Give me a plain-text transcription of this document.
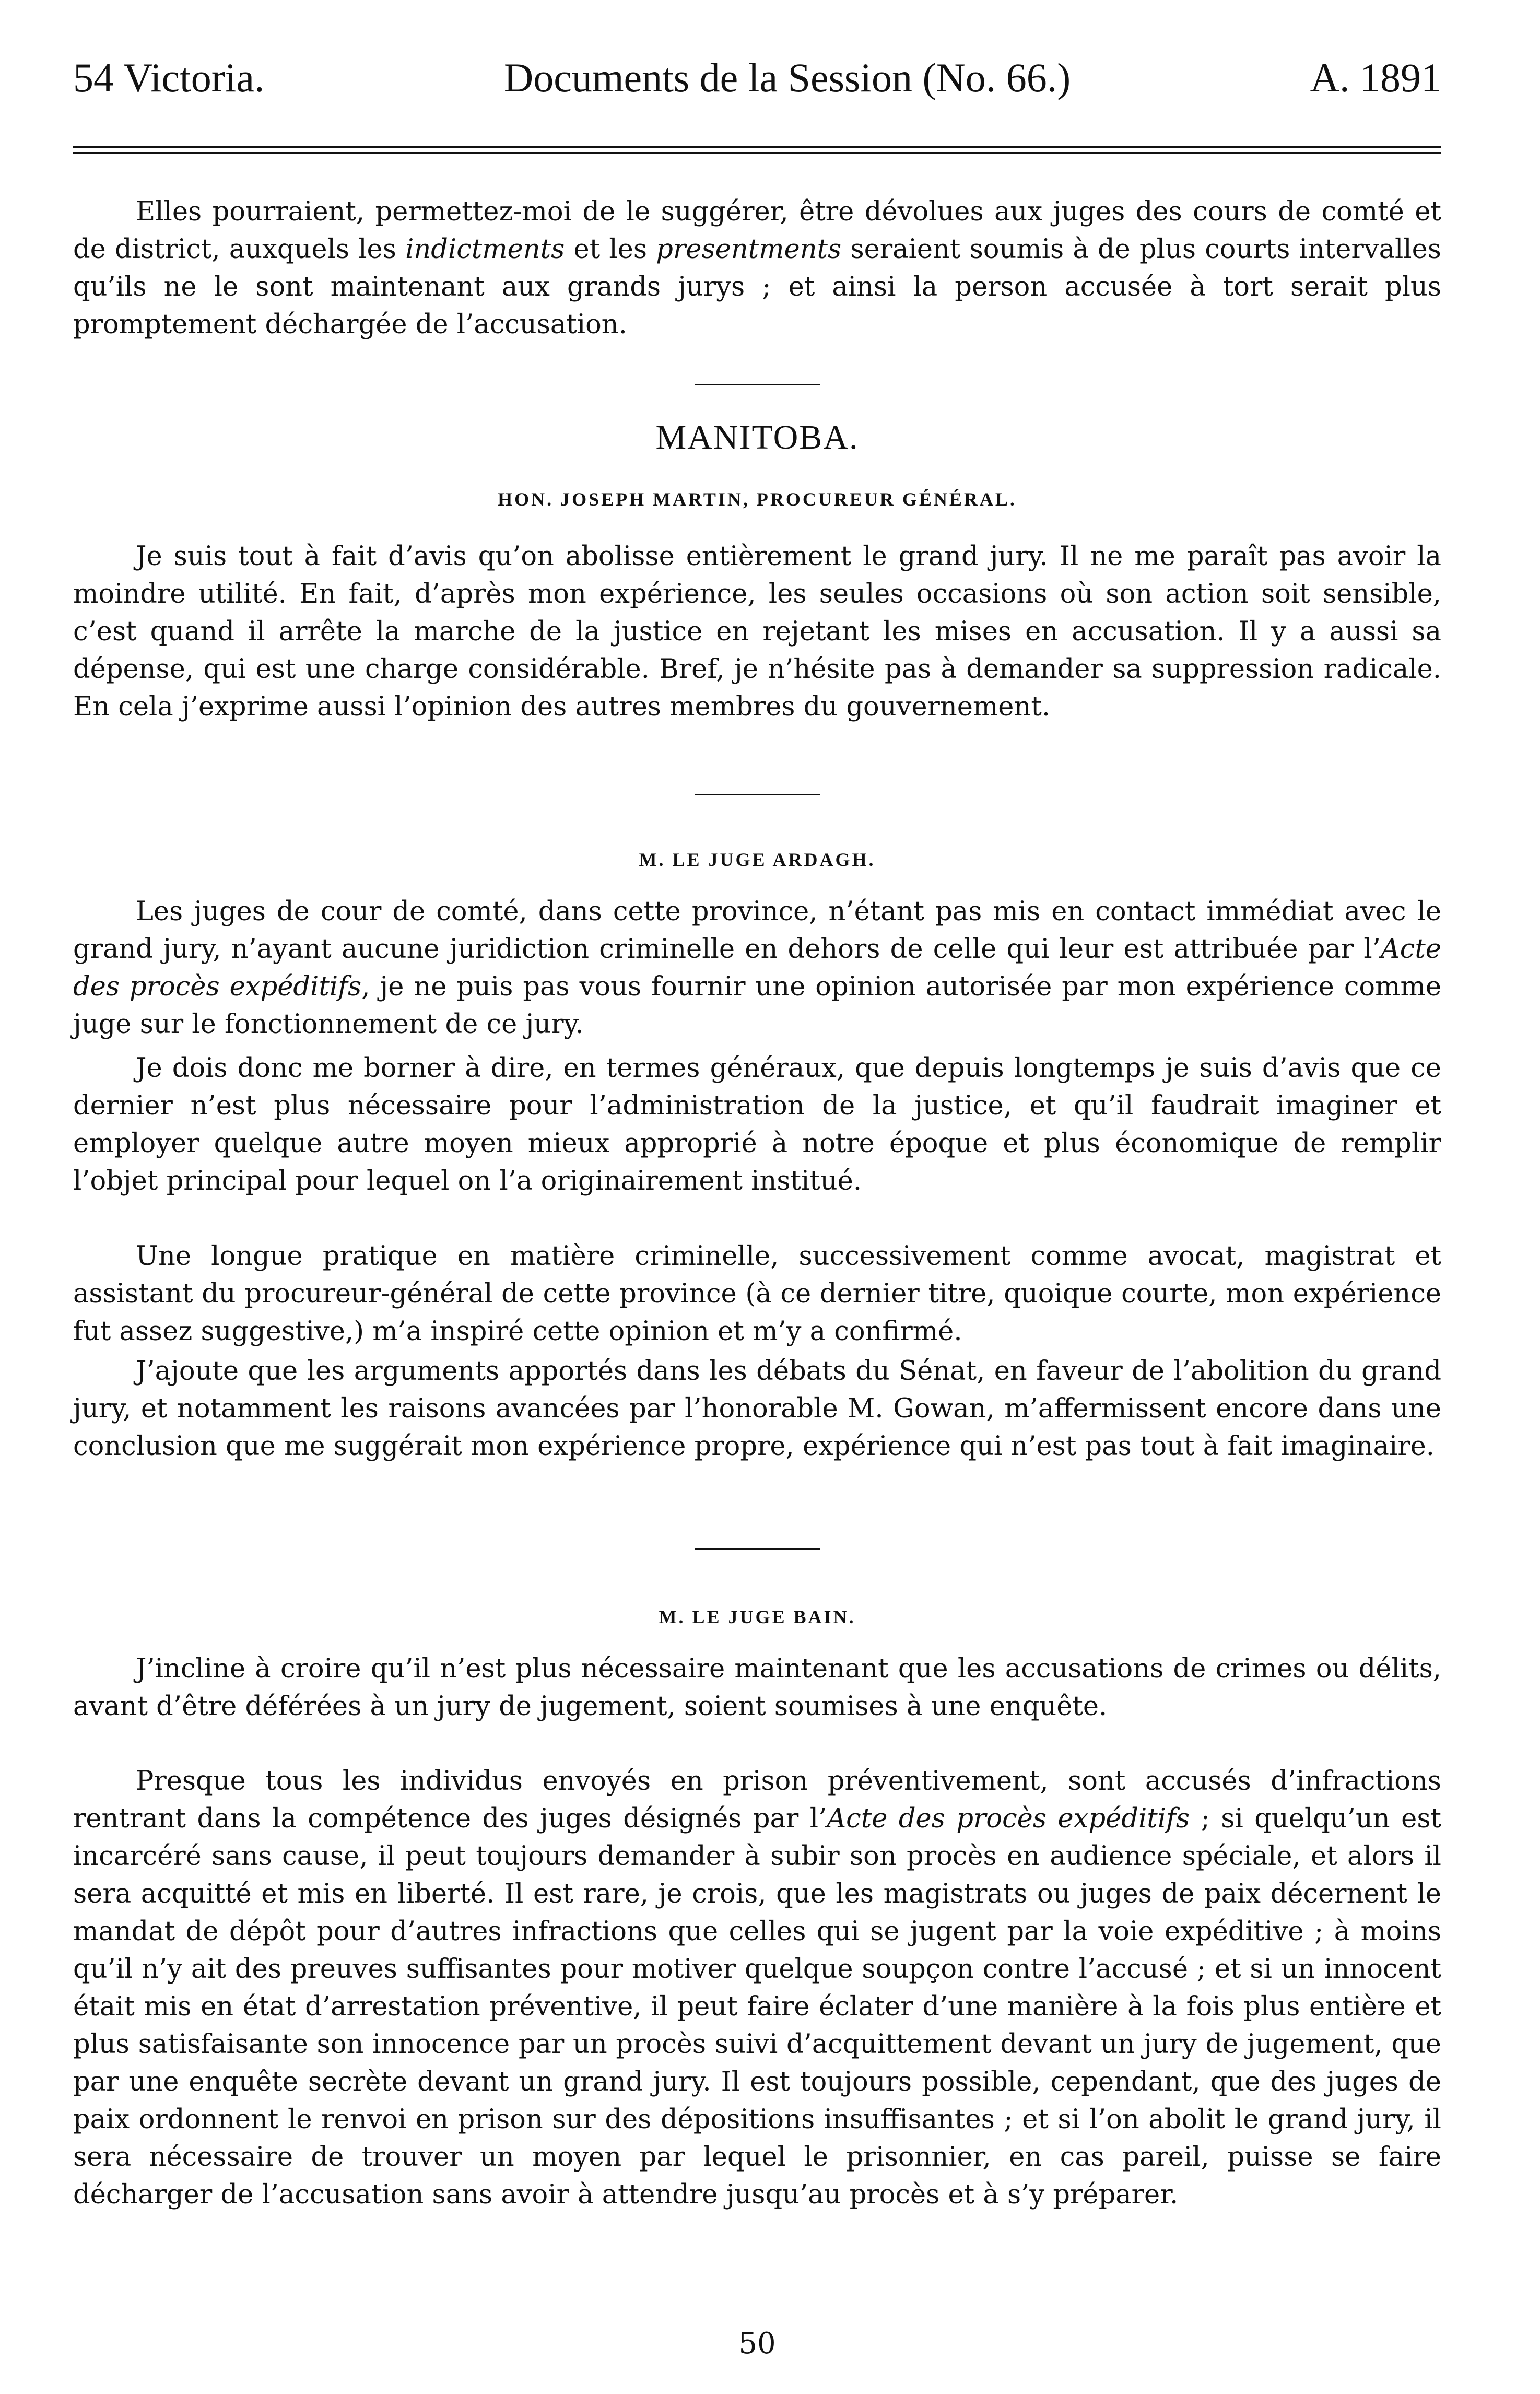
54 Victoria.	Documents de la Session (No. 66.)	A. 1891

Elles pourraient, permettez-moi de le suggérer, être dévolues aux juges des cours de comté et de district, auxquels les indictments et les presentments seraient soumis à de plus courts intervalles qu’ils ne le sont maintenant aux grands jurys ; et ainsi la person accusée à tort serait plus promptement déchargée de l’accusation.

MANITOBA.
HON. JOSEPH MARTIN, PROCUREUR GÉNÉRAL.

Je suis tout à fait d’avis qu’on abolisse entièrement le grand jury. Il ne me paraît pas avoir la moindre utilité. En fait, d’après mon expérience, les seules occasions où son action soit sensible, c’est quand il arrête la marche de la justice en rejetant les mises en accusation. Il y a aussi sa dépense, qui est une charge considérable. Bref, je n’hésite pas à demander sa suppression radicale. En cela j’exprime aussi l’opinion des autres membres du gouvernement.

M. LE JUGE ARDAGH.

Les juges de cour de comté, dans cette province, n’étant pas mis en contact immédiat avec le grand jury, n’ayant aucune juridiction criminelle en dehors de celle qui leur est attribuée par l’Acte des procès expéditifs, je ne puis pas vous fournir une opinion autorisée par mon expérience comme juge sur le fonctionnement de ce jury.

Je dois donc me borner à dire, en termes généraux, que depuis longtemps je suis d’avis que ce dernier n’est plus nécessaire pour l’administration de la justice, et qu’il faudrait imaginer et employer quelque autre moyen mieux approprié à notre époque et plus économique de remplir l’objet principal pour lequel on l’a originairement institué.

Une longue pratique en matière criminelle, successivement comme avocat, magistrat et assistant du procureur-général de cette province (à ce dernier titre, quoique courte, mon expérience fut assez suggestive,) m’a inspiré cette opinion et m’y a confirmé.

J’ajoute que les arguments apportés dans les débats du Sénat, en faveur de l’abolition du grand jury, et notamment les raisons avancées par l’honorable M. Gowan, m’affermissent encore dans une conclusion que me suggérait mon expérience propre, expérience qui n’est pas tout à fait imaginaire.

M. LE JUGE BAIN.

J’incline à croire qu’il n’est plus nécessaire maintenant que les accusations de crimes ou délits, avant d’être déférées à un jury de jugement, soient soumises à une enquête.

Presque tous les individus envoyés en prison préventivement, sont accusés d’infractions rentrant dans la compétence des juges désignés par l’Acte des procès expéditifs ; si quelqu’un est incarcéré sans cause, il peut toujours demander à subir son procès en audience spéciale, et alors il sera acquitté et mis en liberté. Il est rare, je crois, que les magistrats ou juges de paix décernent le mandat de dépôt pour d’autres infractions que celles qui se jugent par la voie expéditive ; à moins qu’il n’y ait des preuves suffisantes pour motiver quelque soupçon contre l’accusé ; et si un innocent était mis en état d’arrestation préventive, il peut faire éclater d’une manière à la fois plus entière et plus satisfaisante son innocence par un procès suivi d’acquittement devant un jury de jugement, que par une enquête secrète devant un grand jury. Il est toujours possible, cependant, que des juges de paix ordonnent le renvoi en prison sur des dépositions insuffisantes ; et si l’on abolit le grand jury, il sera nécessaire de trouver un moyen par lequel le prisonnier, en cas pareil, puisse se faire décharger de l’accusation sans avoir à attendre jusqu’au procès et à s’y préparer.

50
